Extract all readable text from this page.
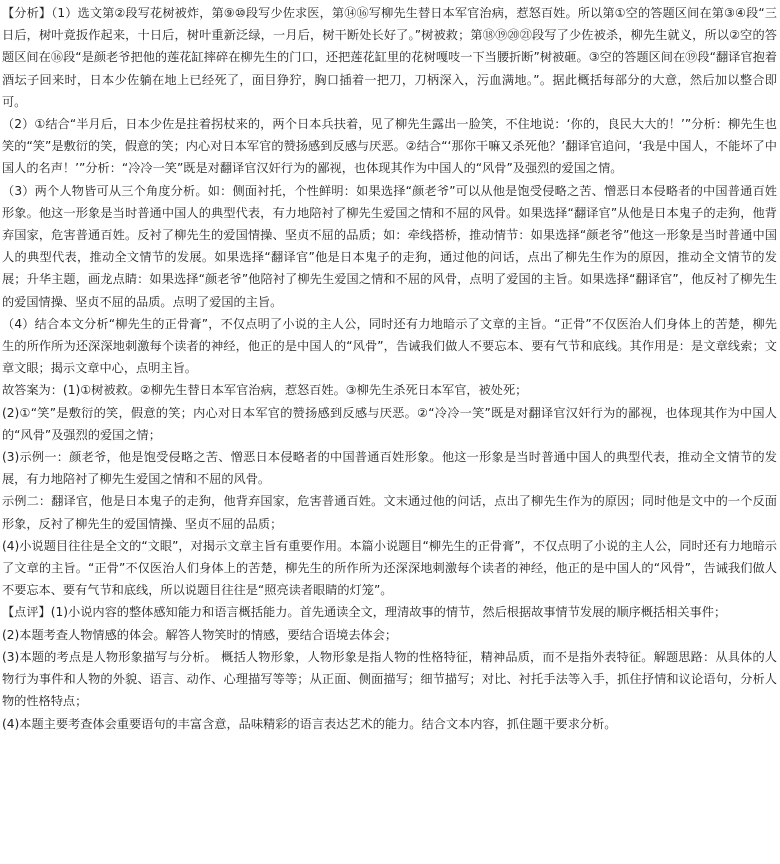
【分析】（1）选文第②段写花树被炸，第⑨⑩段写少佐求医，第⑭⑯写柳先生替日本军官治病，惹怒百姓。所以第①空的答题区间在第③④段“三日后，树叶竟扳作起来，十日后，树叶重新泛绿，一月后，树干断处长好了。”树被救；第⑱⑲⑳㉑段写了少佐被杀，柳先生就义，所以②空的答题区间在⑯段“是颜老爷把他的莲花缸摔碎在柳先生的门口，还把莲花缸里的花树嘎吱一下当腰折断”树被砸。③空的答题区间在⑲段“翻译官抱着酒坛子回来时，日本少佐躺在地上已经死了，面目狰狞，胸口插着一把刀，刀柄深入，污血满地。”。据此概括每部分的大意，然后加以整合即可。

（2）①结合“半月后，日本少佐是拄着拐杖来的，两个日本兵扶着，见了柳先生露出一脸笑，不住地说：‘你的，良民大大的！’”分析：柳先生也笑的“笑”是敷衍的笑，假意的笑；内心对日本军官的赞扬感到反感与厌恶。②结合“‘那你干嘛又杀死他？’翻译官追问，‘我是中国人，不能坏了中国人的名声！’”分析：“冷冷一笑”既是对翻译官汉奸行为的鄙视，也体现其作为中国人的“风骨”及强烈的爱国之情。

（3）两个人物皆可从三个角度分析。如：侧面衬托，个性鲜明：如果选择“颜老爷”可以从他是饱受侵略之苦、憎恶日本侵略者的中国普通百姓形象。他这一形象是当时普通中国人的典型代表，有力地陪衬了柳先生爱国之情和不屈的风骨。如果选择“翻译官”从他是日本鬼子的走狗，他背弃国家，危害普通百姓。反衬了柳先生的爱国情操、坚贞不屈的品质；如：牵线搭桥，推动情节：如果选择“颜老爷”他这一形象是当时普通中国人的典型代表，推动全文情节的发展。如果选择“翻译官”他是日本鬼子的走狗，通过他的问话，点出了柳先生作为的原因，推动全文情节的发展；升华主题，画龙点睛：如果选择“颜老爷”他陪衬了柳先生爱国之情和不屈的风骨，点明了爱国的主旨。如果选择“翻译官”，他反衬了柳先生的爱国情操、坚贞不屈的品质。点明了爱国的主旨。

（4）结合本文分析“柳先生的正骨膏”，不仅点明了小说的主人公，同时还有力地暗示了文章的主旨。“正骨”不仅医治人们身体上的苦楚，柳先生的所作所为还深深地刺激每个读者的神经，他正的是中国人的“风骨”，告诫我们做人不要忘本、要有气节和底线。其作用是：是文章线索；文章文眼；揭示文章中心，点明主旨。

故答案为：(1)①树被救。②柳先生替日本军官治病，惹怒百姓。③柳先生杀死日本军官，被处死；

(2)①“笑”是敷衍的笑，假意的笑；内心对日本军官的赞扬感到反感与厌恶。②“冷冷一笑”既是对翻译官汉奸行为的鄙视，也体现其作为中国人的“风骨”及强烈的爱国之情；

(3)示例一：颜老爷，他是饱受侵略之苦、憎恶日本侵略者的中国普通百姓形象。他这一形象是当时普通中国人的典型代表，推动全文情节的发展，有力地陪衬了柳先生爱国之情和不屈的风骨。

示例二：翻译官，他是日本鬼子的走狗，他背弃国家，危害普通百姓。文末通过他的问话，点出了柳先生作为的原因；同时他是文中的一个反面形象，反衬了柳先生的爱国情操、坚贞不屈的品质；

(4)小说题目往往是全文的“文眼”，对揭示文章主旨有重要作用。本篇小说题目“柳先生的正骨膏”，不仅点明了小说的主人公，同时还有力地暗示了文章的主旨。“正骨”不仅医治人们身体上的苦楚，柳先生的所作所为还深深地刺激每个读者的神经，他正的是中国人的“风骨”，告诫我们做人不要忘本、要有气节和底线，所以说题目往往是“照亮读者眼睛的灯笼”。

【点评】(1)小说内容的整体感知能力和语言概括能力。首先通读全文，理清故事的情节，然后根据故事情节发展的顺序概括相关事件；

(2)本题考查人物情感的体会。解答人物笑时的情感，要结合语境去体会；

(3)本题的考点是人物形象描写与分析。 概括人物形象，人物形象是指人物的性格特征，精神品质，而不是指外表特征。解题思路：从具体的人物行为事件和人物的外貌、语言、动作、心理描写等等；从正面、侧面描写；细节描写；对比、衬托手法等入手，抓住抒情和议论语句，分析人物的性格特点；

(4)本题主要考查体会重要语句的丰富含意，品味精彩的语言表达艺术的能力。结合文本内容，抓住题干要求分析。
